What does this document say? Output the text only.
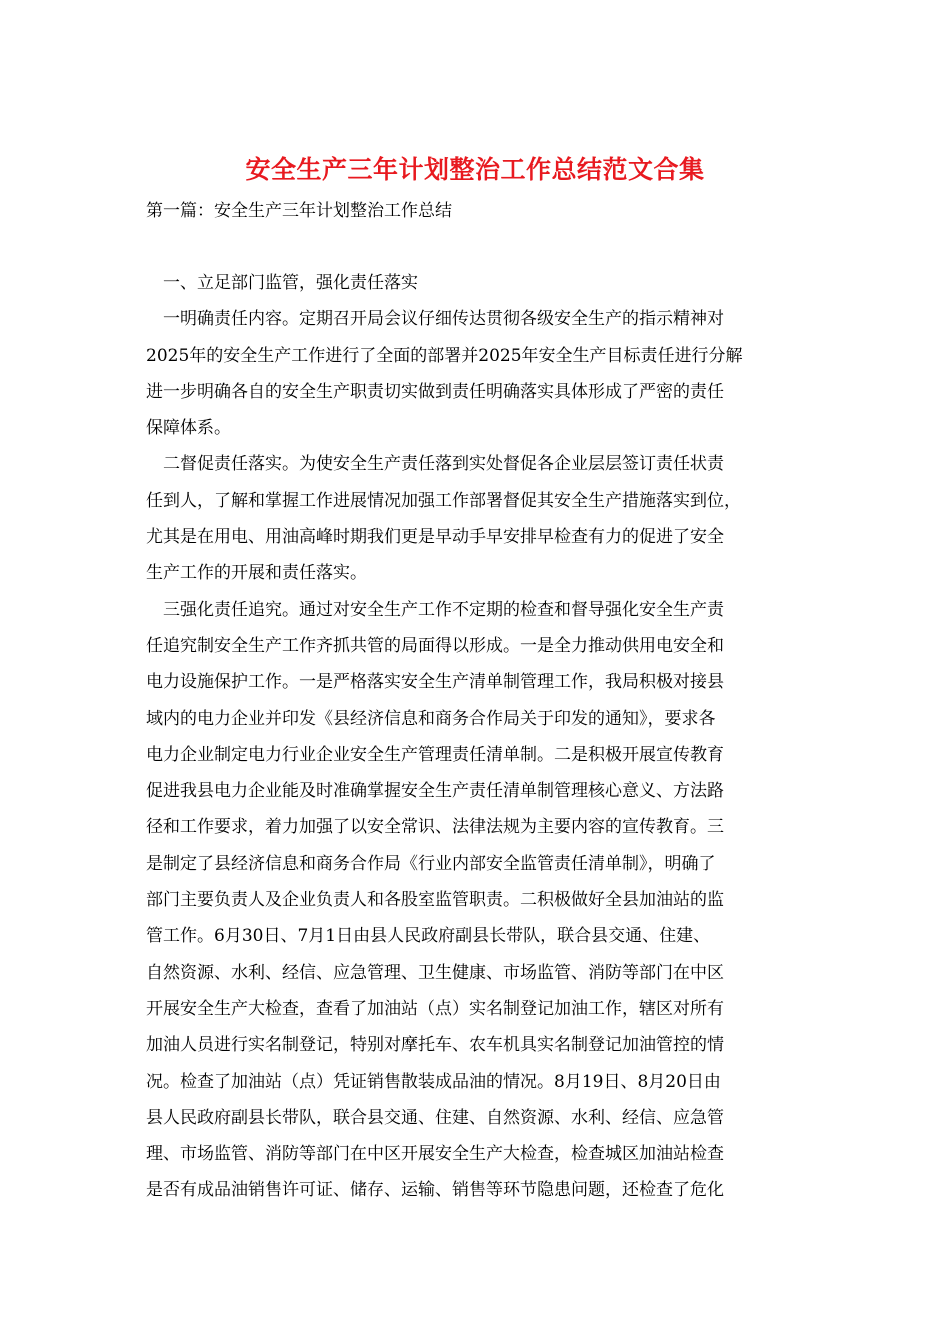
安全生产三年计划整治工作总结范文合集
第一篇：安全生产三年计划整治工作总结
　一、立足部门监管，强化责任落实
　一明确责任内容。定期召开局会议仔细传达贯彻各级安全生产的指示精神对
2025年的安全生产工作进行了全面的部署并2025年安全生产目标责任进行分解
进一步明确各自的安全生产职责切实做到责任明确落实具体形成了严密的责任
保障体系。
　二督促责任落实。为使安全生产责任落到实处督促各企业层层签订责任状责
任到人，了解和掌握工作进展情况加强工作部署督促其安全生产措施落实到位，
尤其是在用电、用油高峰时期我们更是早动手早安排早检查有力的促进了安全
生产工作的开展和责任落实。
　三强化责任追究。通过对安全生产工作不定期的检查和督导强化安全生产责
任追究制安全生产工作齐抓共管的局面得以形成。一是全力推动供用电安全和
电力设施保护工作。一是严格落实安全生产清单制管理工作，我局积极对接县
域内的电力企业并印发《县经济信息和商务合作局关于印发的通知》，要求各
电力企业制定电力行业企业安全生产管理责任清单制。二是积极开展宣传教育
促进我县电力企业能及时准确掌握安全生产责任清单制管理核心意义、方法路
径和工作要求，着力加强了以安全常识、法律法规为主要内容的宣传教育。三
是制定了县经济信息和商务合作局《行业内部安全监管责任清单制》，明确了
部门主要负责人及企业负责人和各股室监管职责。二积极做好全县加油站的监
管工作。6月30日、7月1日由县人民政府副县长带队，联合县交通、住建、
自然资源、水利、经信、应急管理、卫生健康、市场监管、消防等部门在中区
开展安全生产大检查，查看了加油站（点）实名制登记加油工作，辖区对所有
加油人员进行实名制登记，特别对摩托车、农车机具实名制登记加油管控的情
况。检查了加油站（点）凭证销售散装成品油的情况。8月19日、8月20日由
县人民政府副县长带队，联合县交通、住建、自然资源、水利、经信、应急管
理、市场监管、消防等部门在中区开展安全生产大检查，检查城区加油站检查
是否有成品油销售许可证、储存、运输、销售等环节隐患问题，还检查了危化
